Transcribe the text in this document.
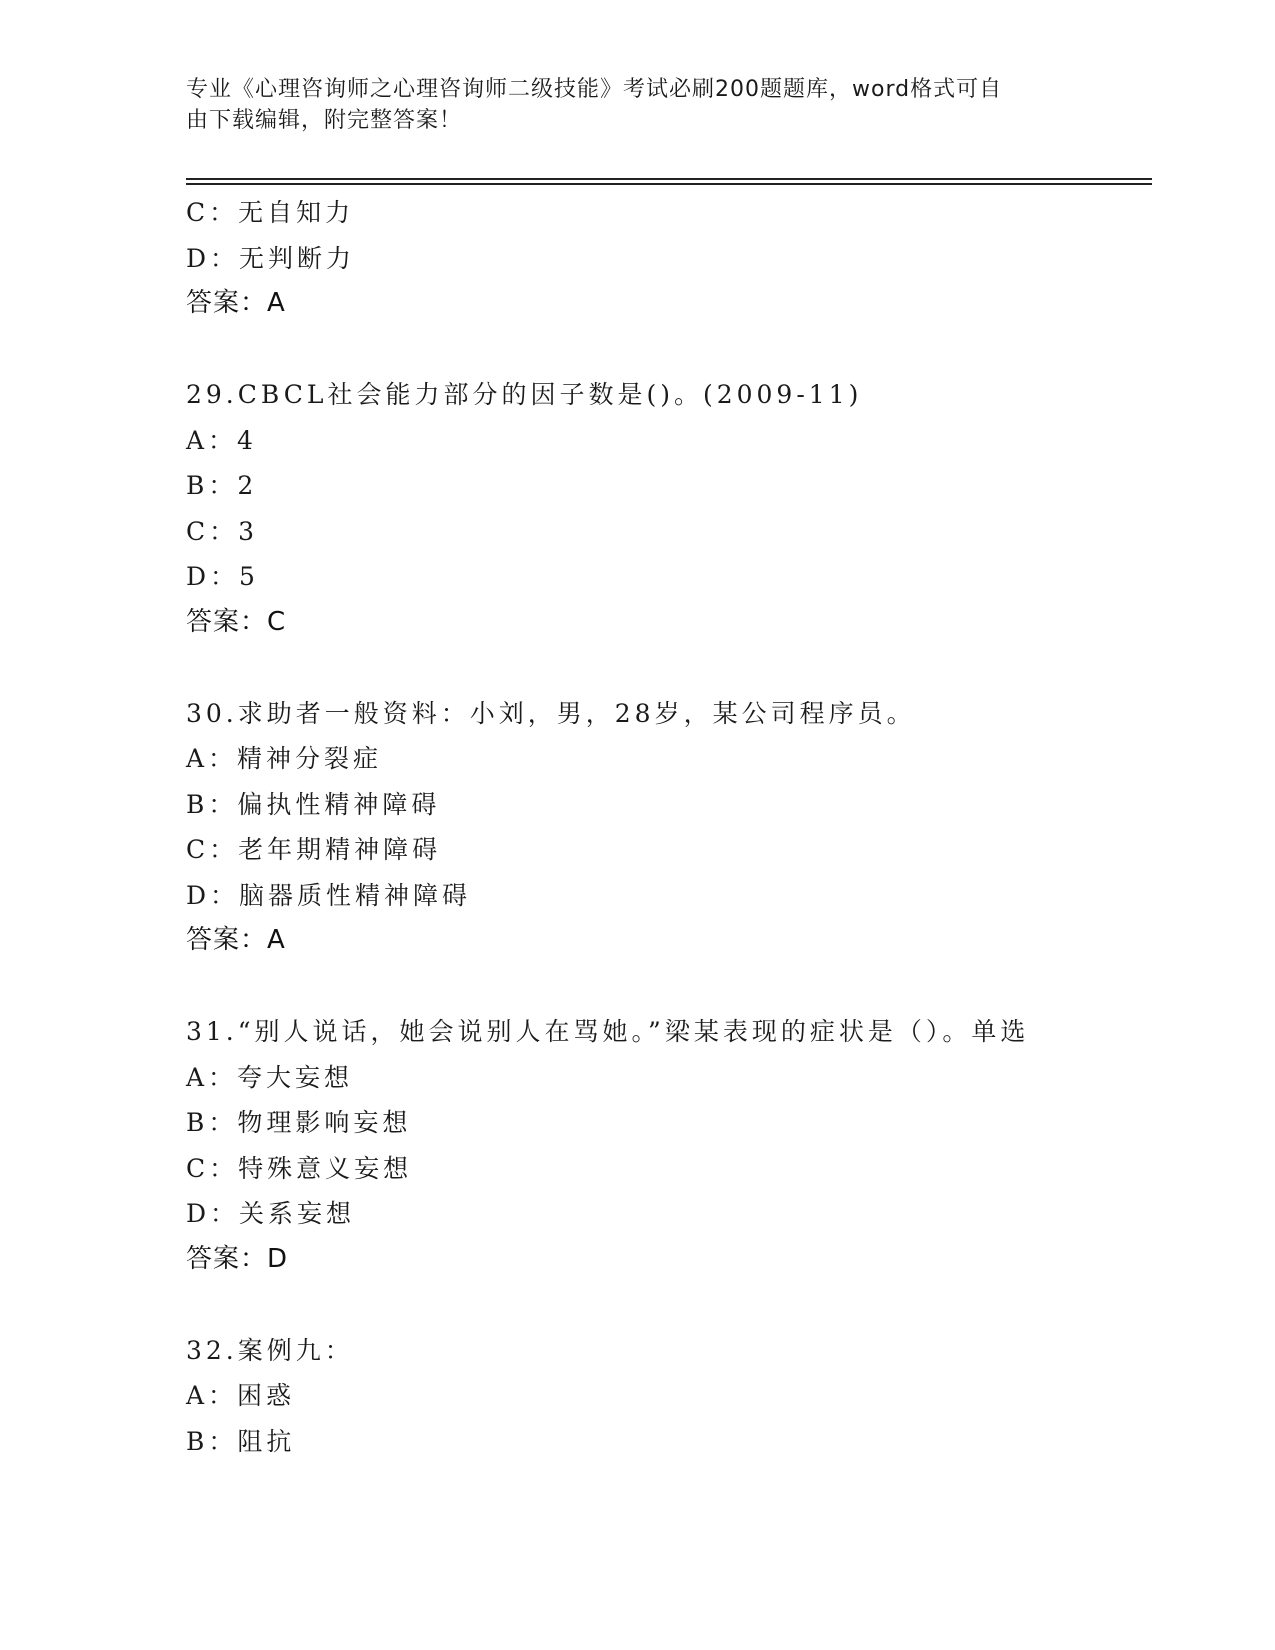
专业《心理咨询师之心理咨询师二级技能》考试必刷200题题库，word格式可自
由下载编辑，附完整答案！
C：无自知力
D：无判断力
答案：A
29.CBCL社会能力部分的因子数是()。(2009-11)
A：4
B：2
C：3
D：5
答案：C
30.求助者一般资料：小刘，男，28岁，某公司程序员。
A：精神分裂症
B：偏执性精神障碍
C：老年期精神障碍
D：脑器质性精神障碍
答案：A
31.“别人说话，她会说别人在骂她。”梁某表现的症状是（）。单选
A：夸大妄想
B：物理影响妄想
C：特殊意义妄想
D：关系妄想
答案：D
32.案例九：
A：困惑
B：阻抗
